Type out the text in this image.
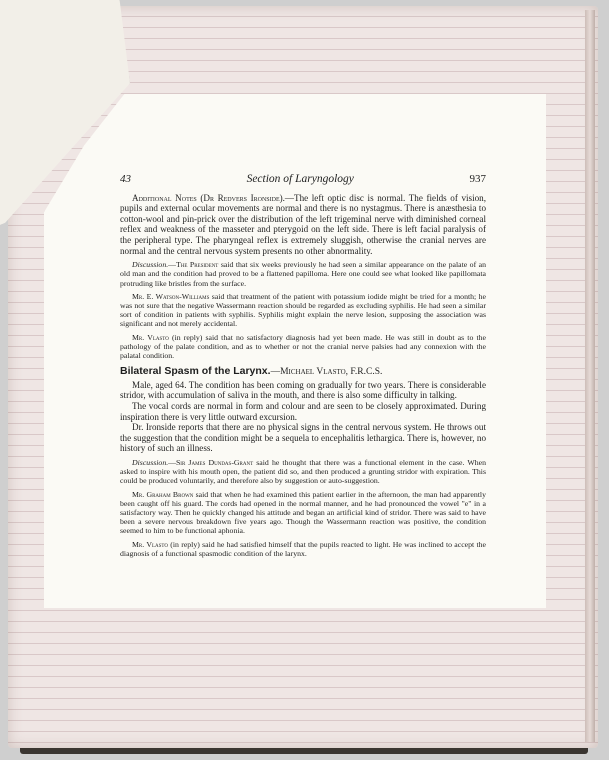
43	Section of Laryngology	937

Additional Notes (Dr Redvers Ironside).—The left optic disc is normal. The fields of vision, pupils and external ocular movements are normal and there is no nystagmus. There is anæsthesia to cotton-wool and pin-prick over the distribution of the left trigeminal nerve with diminished corneal reflex and weakness of the masseter and pterygoid on the left side. There is left facial paralysis of the peripheral type. The pharyngeal reflex is extremely sluggish, otherwise the cranial nerves are normal and the central nervous system presents no other abnormality.

Discussion.—The President said that six weeks previously he had seen a similar appearance on the palate of an old man and the condition had proved to be a flattened papilloma. Here one could see what looked like papillomata protruding like bristles from the surface.

Mr. E. Watson-Williams said that treatment of the patient with potassium iodide might be tried for a month; he was not sure that the negative Wassermann reaction should be regarded as excluding syphilis. He had seen a similar sort of condition in patients with syphilis. Syphilis might explain the nerve lesion, supposing the association was significant and not merely accidental.

Mr. Vlasto (in reply) said that no satisfactory diagnosis had yet been made. He was still in doubt as to the pathology of the palate condition, and as to whether or not the cranial nerve palsies had any connexion with the palatal condition.

Bilateral Spasm of the Larynx.—Michael Vlasto, F.R.C.S.

Male, aged 64. The condition has been coming on gradually for two years. There is considerable stridor, with accumulation of saliva in the mouth, and there is also some difficulty in talking.

The vocal cords are normal in form and colour and are seen to be closely approximated. During inspiration there is very little outward excursion.

Dr. Ironside reports that there are no physical signs in the central nervous system. He throws out the suggestion that the condition might be a sequela to encephalitis lethargica. There is, however, no history of such an illness.

Discussion.—Sir James Dundas-Grant said he thought that there was a functional element in the case. When asked to inspire with his mouth open, the patient did so, and then produced a grunting stridor with expiration. This could be produced voluntarily, and therefore also by suggestion or auto-suggestion.

Mr. Graham Brown said that when he had examined this patient earlier in the afternoon, the man had apparently been caught off his guard. The cords had opened in the normal manner, and he had pronounced the vowel "e" in a satisfactory way. Then he quickly changed his attitude and began an artificial kind of stridor. There was said to have been a severe nervous breakdown five years ago. Though the Wassermann reaction was positive, the condition seemed to him to be functional aphonia.

Mr. Vlasto (in reply) said he had satisfied himself that the pupils reacted to light. He was inclined to accept the diagnosis of a functional spasmodic condition of the larynx.
